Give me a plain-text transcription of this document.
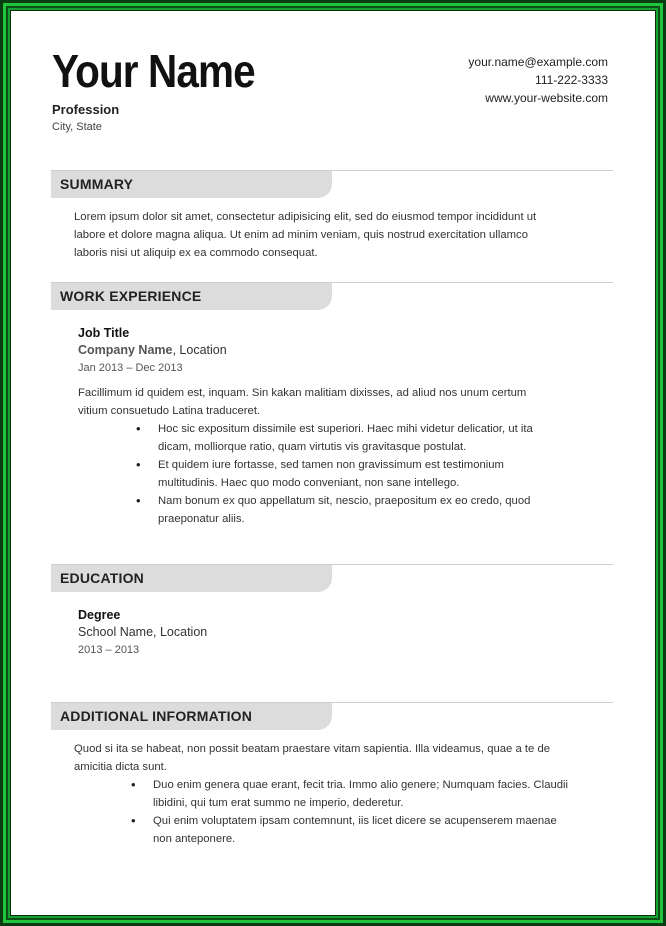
Your Name
Profession
City, State
your.name@example.com
111-222-3333
www.your-website.com
SUMMARY
Lorem ipsum dolor sit amet, consectetur adipisicing elit, sed do eiusmod tempor incididunt ut
labore et dolore magna aliqua. Ut enim ad minim veniam, quis nostrud exercitation ullamco
laboris nisi ut aliquip ex ea commodo consequat.
WORK EXPERIENCE
Job Title
Company Name, Location
Jan 2013 – Dec 2013
Facillimum id quidem est, inquam. Sin kakan malitiam dixisses, ad aliud nos unum certum
vitium consuetudo Latina traduceret.
• Hoc sic expositum dissimile est superiori. Haec mihi videtur delicatior, ut ita
dicam, molliorque ratio, quam virtutis vis gravitasque postulat.
• Et quidem iure fortasse, sed tamen non gravissimum est testimonium
multitudinis. Haec quo modo conveniant, non sane intellego.
• Nam bonum ex quo appellatum sit, nescio, praepositum ex eo credo, quod
praeponatur aliis.
EDUCATION
Degree
School Name, Location
2013 – 2013
ADDITIONAL INFORMATION
Quod si ita se habeat, non possit beatam praestare vitam sapientia. Illa videamus, quae a te de
amicitia dicta sunt.
• Duo enim genera quae erant, fecit tria. Immo alio genere; Numquam facies. Claudii
libidini, qui tum erat summo ne imperio, dederetur.
• Qui enim voluptatem ipsam contemnunt, iis licet dicere se acupenserem maenae
non anteponere.
